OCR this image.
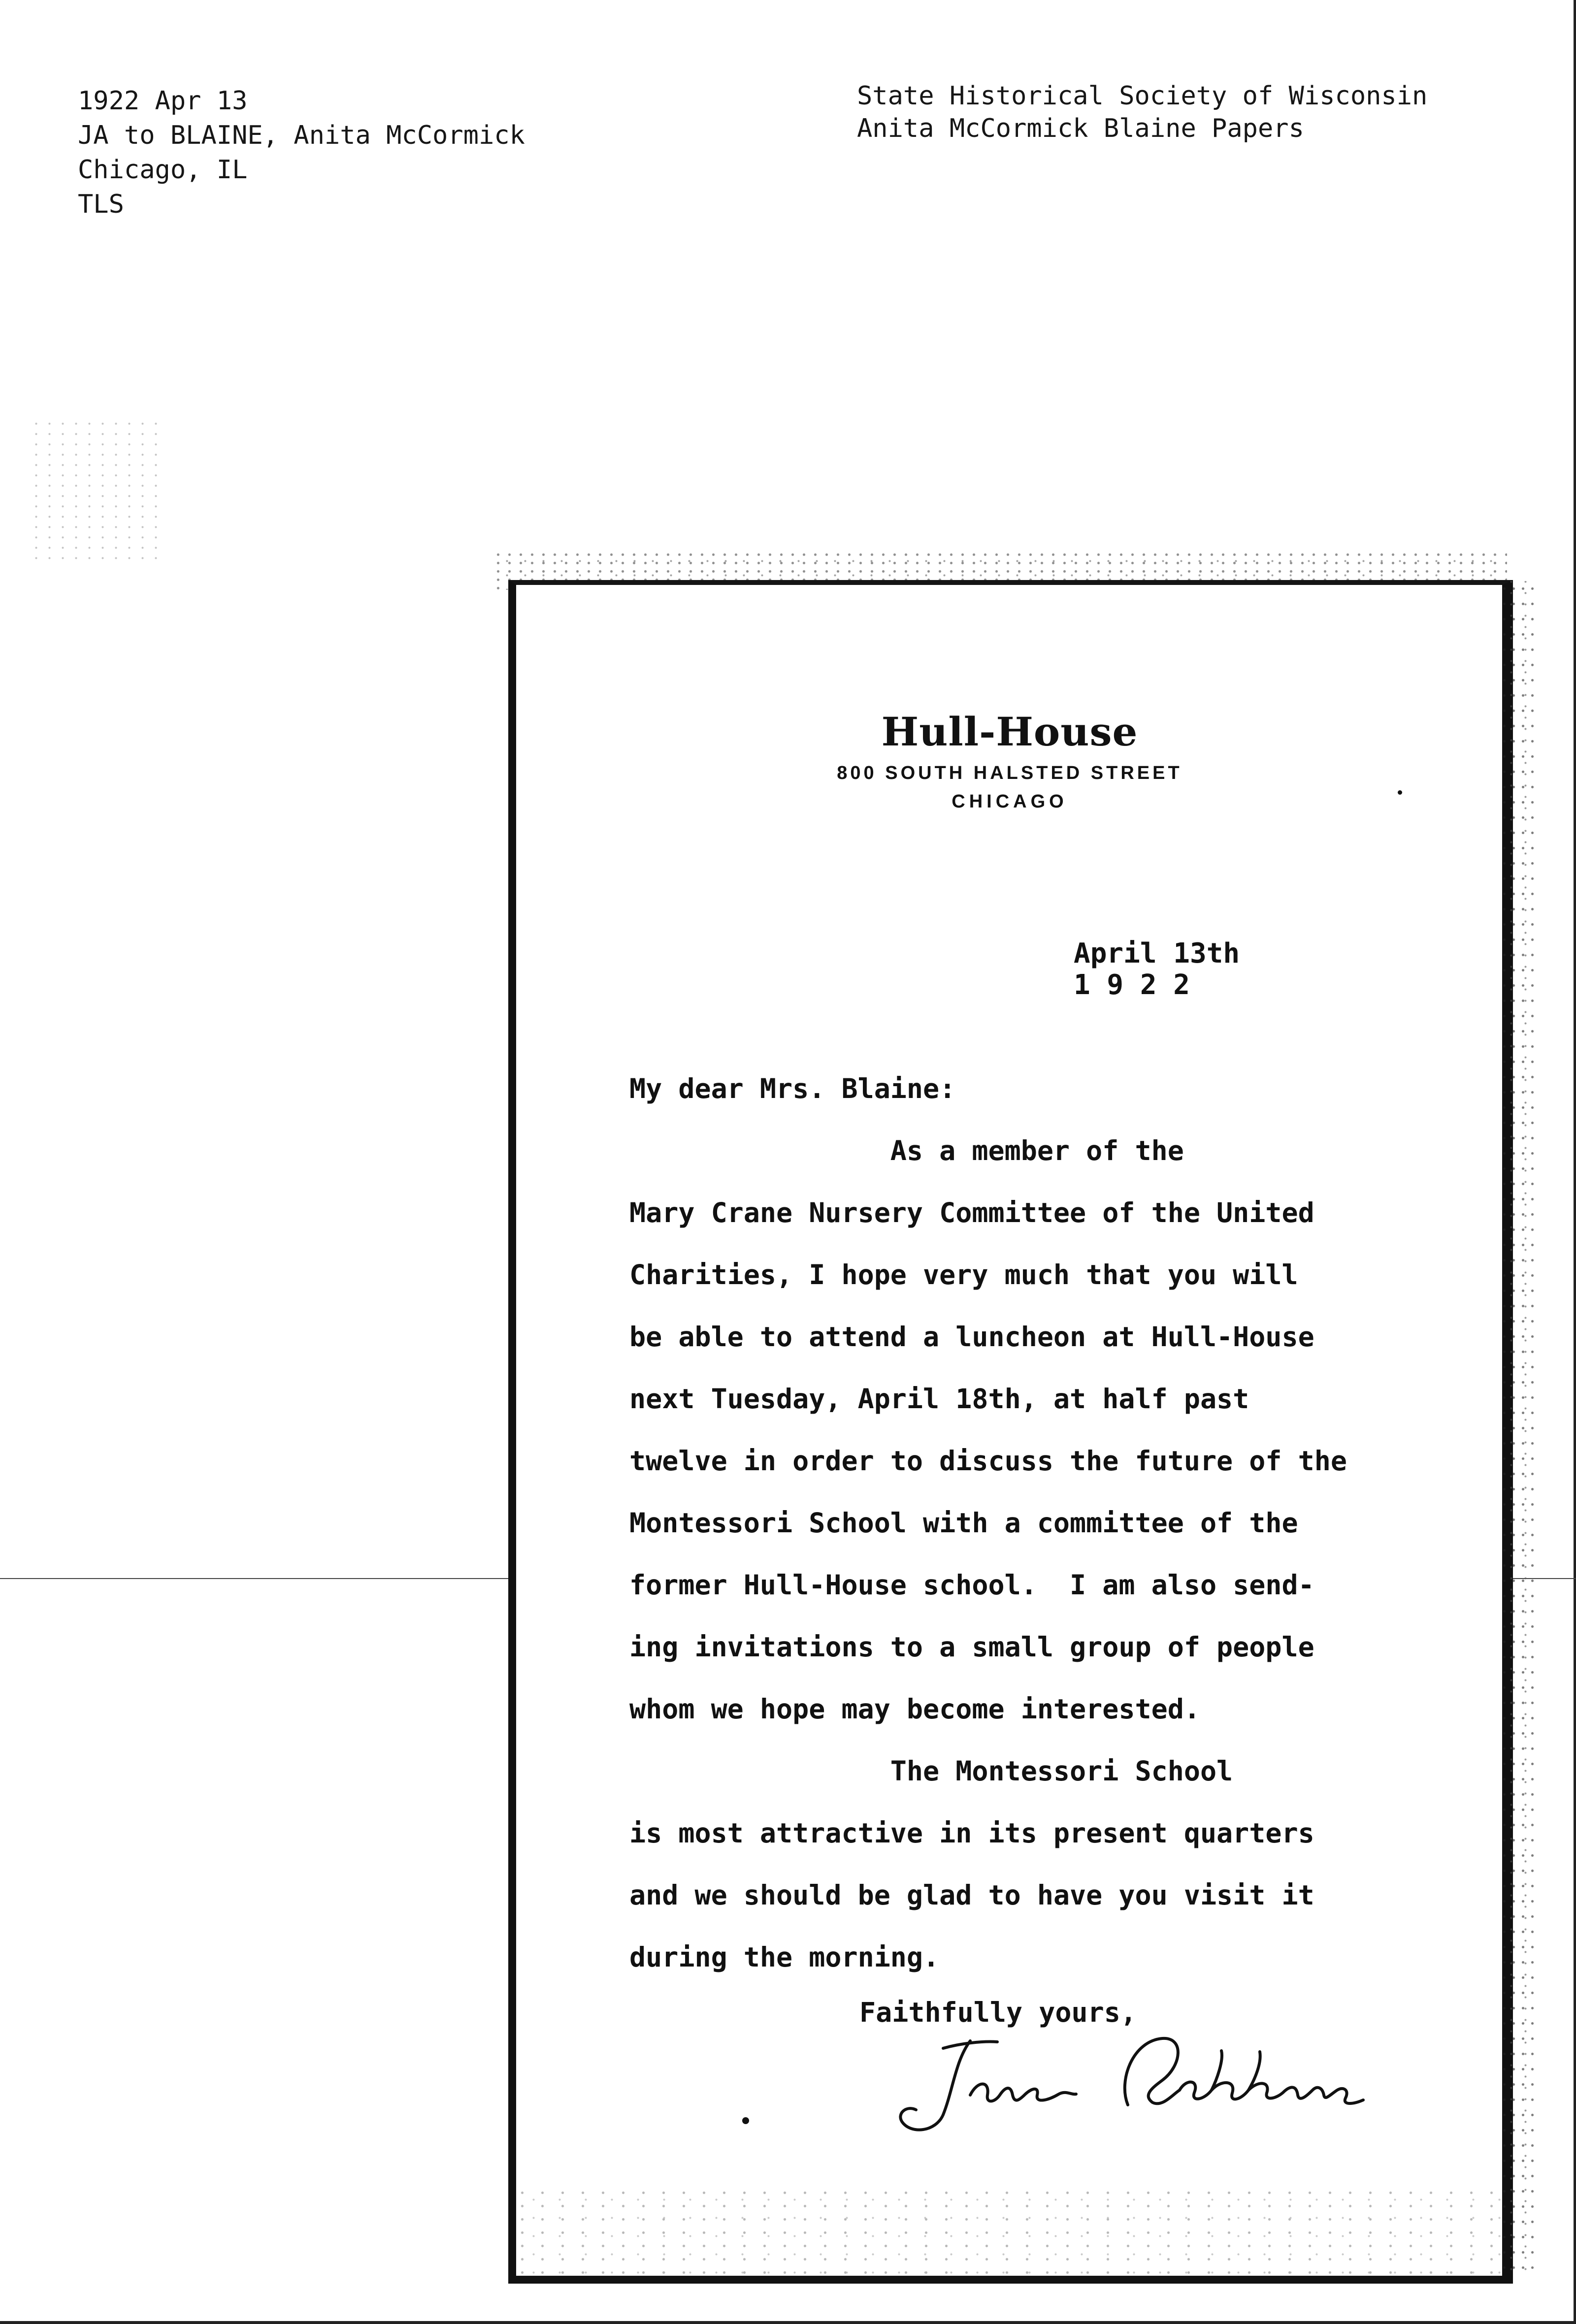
1922 Apr 13
JA to BLAINE, Anita McCormick
Chicago, IL
TLS
State Historical Society of Wisconsin
Anita McCormick Blaine Papers
Hull-House
800 SOUTH HALSTED STREET
CHICAGO
April 13th
1 9 2 2
My dear Mrs. Blaine:
As a member of the
Mary Crane Nursery Committee of the United
Charities, I hope very much that you will
be able to attend a luncheon at Hull-House
next Tuesday, April 18th, at half past
twelve in order to discuss the future of the
Montessori School with a committee of the
former Hull-House school.  I am also send-
ing invitations to a small group of people
whom we hope may become interested.
The Montessori School
is most attractive in its present quarters
and we should be glad to have you visit it
during the morning.
Faithfully yours,
